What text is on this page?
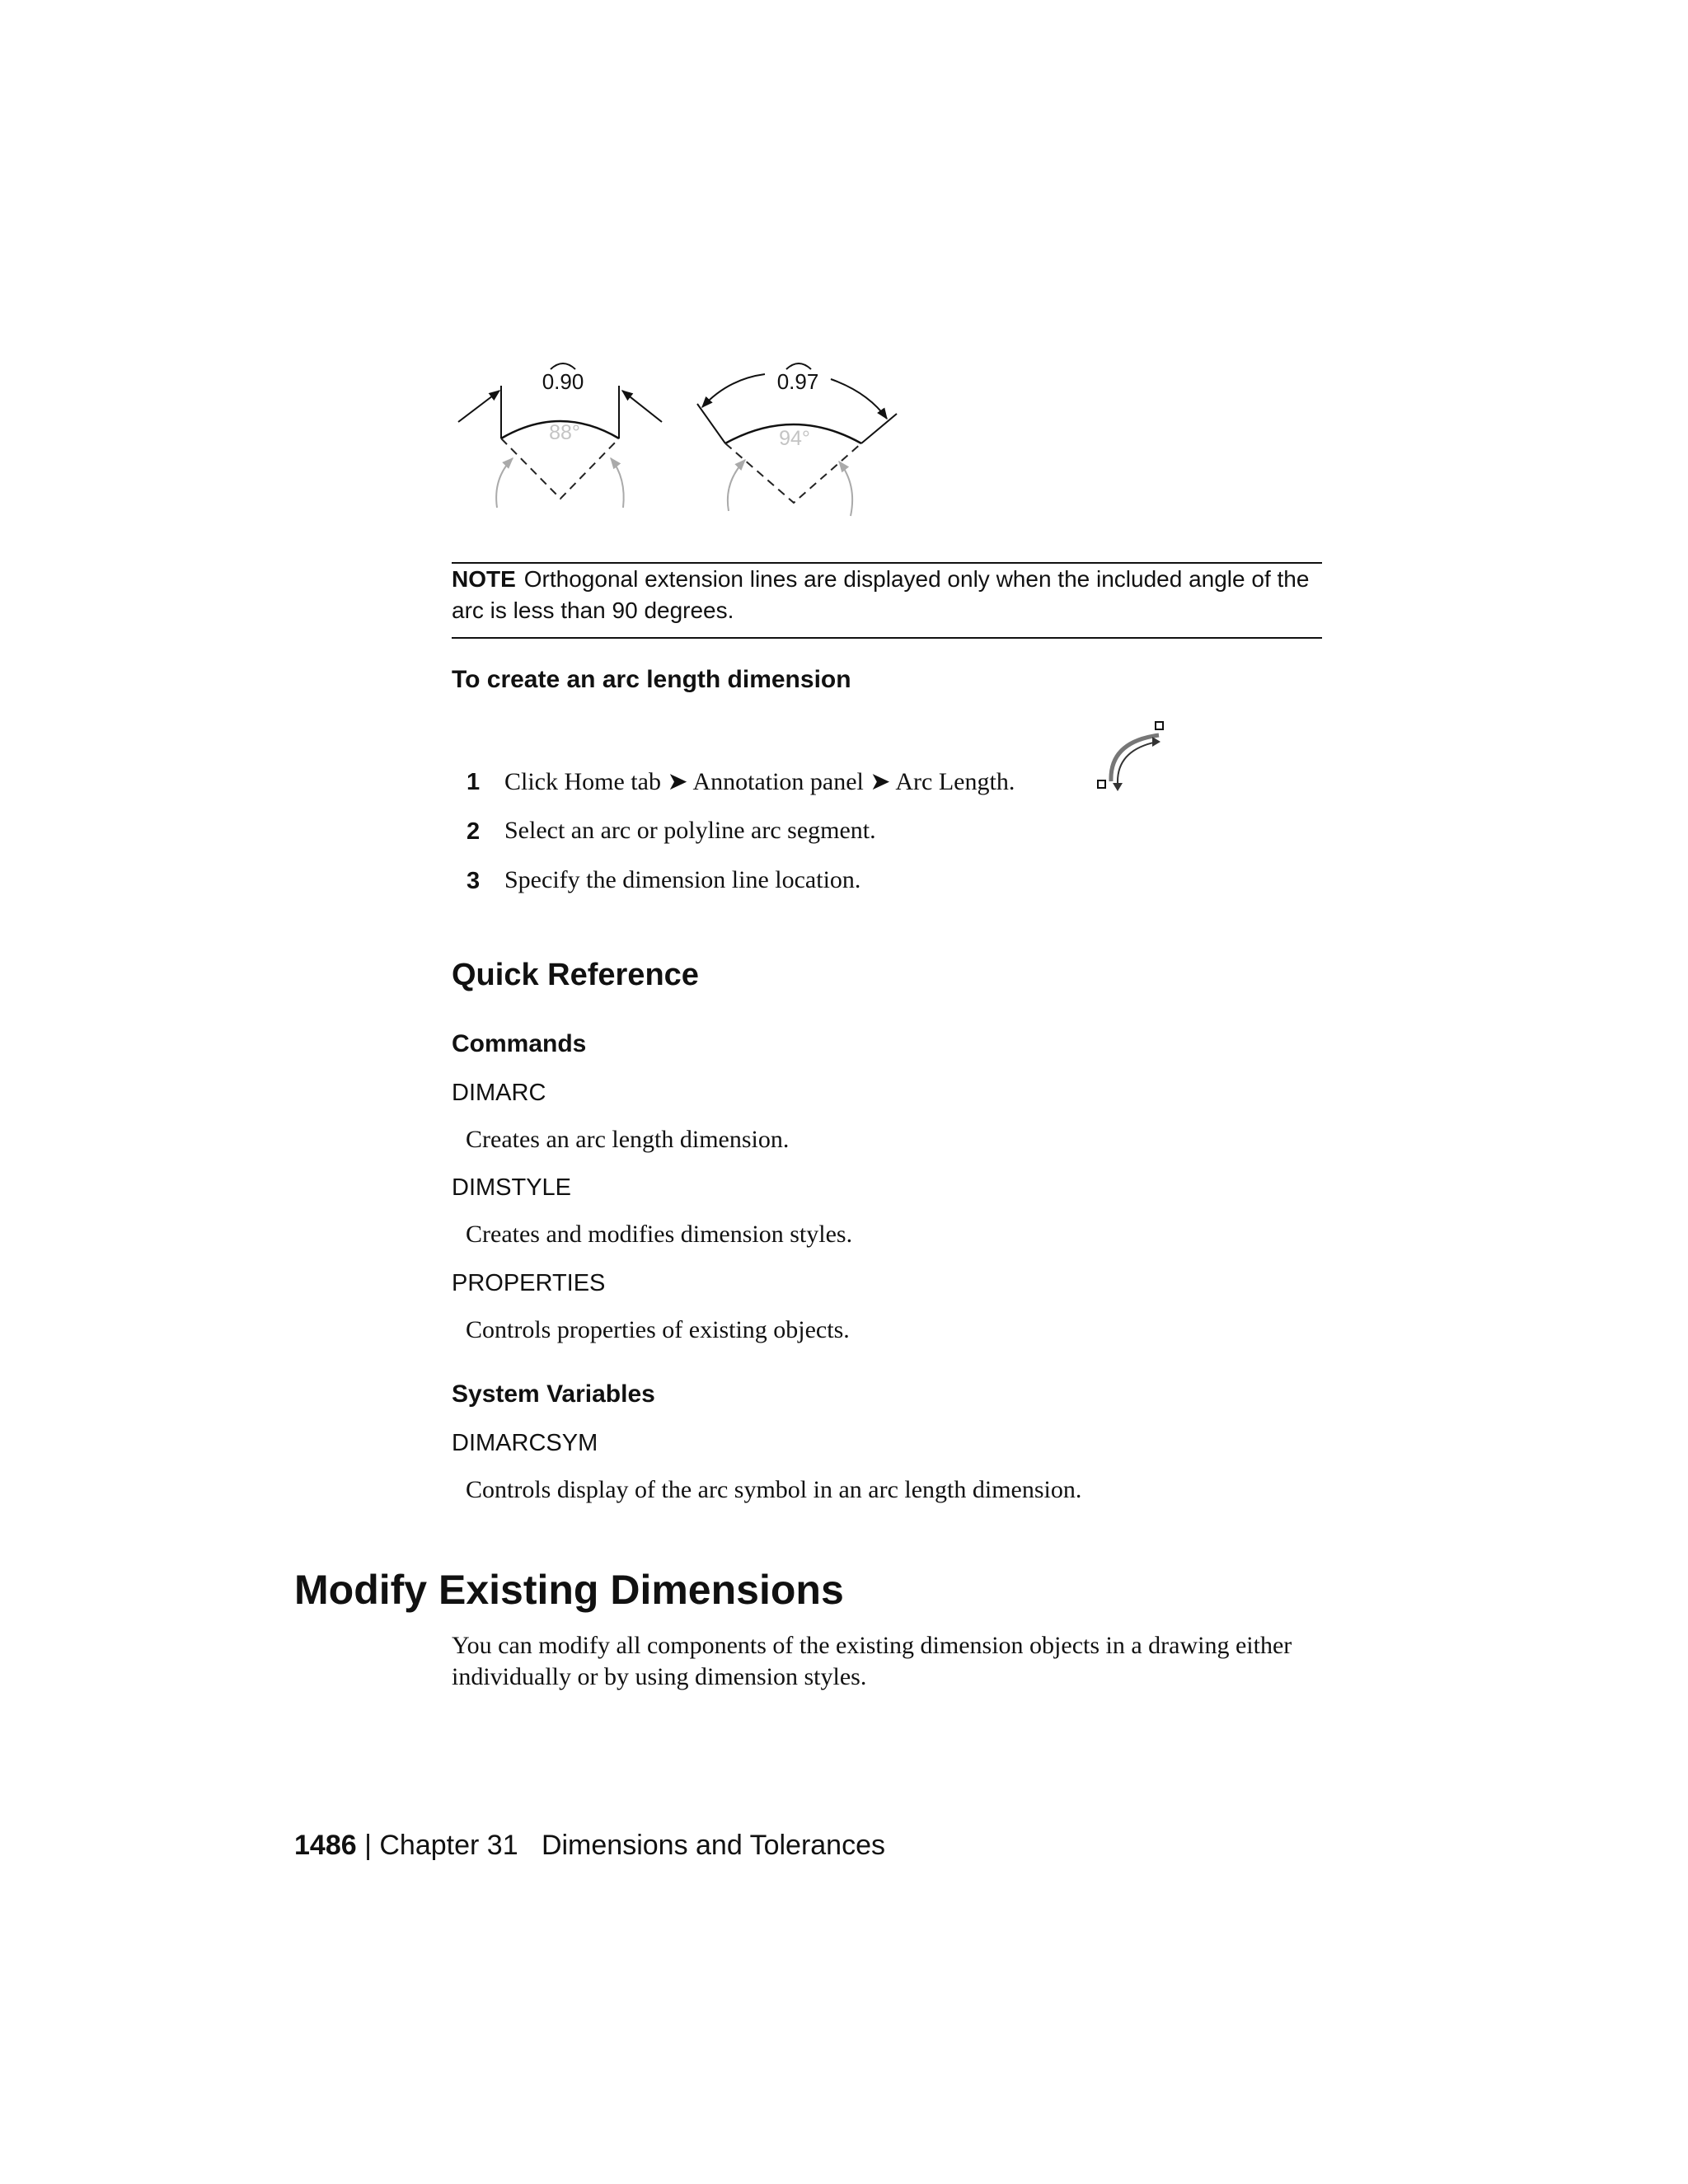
0.90
88°
0.97
94°
NOTE Orthogonal extension lines are displayed only when the included angle of the arc is less than 90 degrees.
To create an arc length dimension
1 Click Home tab ➤ Annotation panel ➤ Arc Length.
2 Select an arc or polyline arc segment.
3 Specify the dimension line location.
Quick Reference
Commands
DIMARC
Creates an arc length dimension.
DIMSTYLE
Creates and modifies dimension styles.
PROPERTIES
Controls properties of existing objects.
System Variables
DIMARCSYM
Controls display of the arc symbol in an arc length dimension.
Modify Existing Dimensions
You can modify all components of the existing dimension objects in a drawing either individually or by using dimension styles.
1486 | Chapter 31 Dimensions and Tolerances
